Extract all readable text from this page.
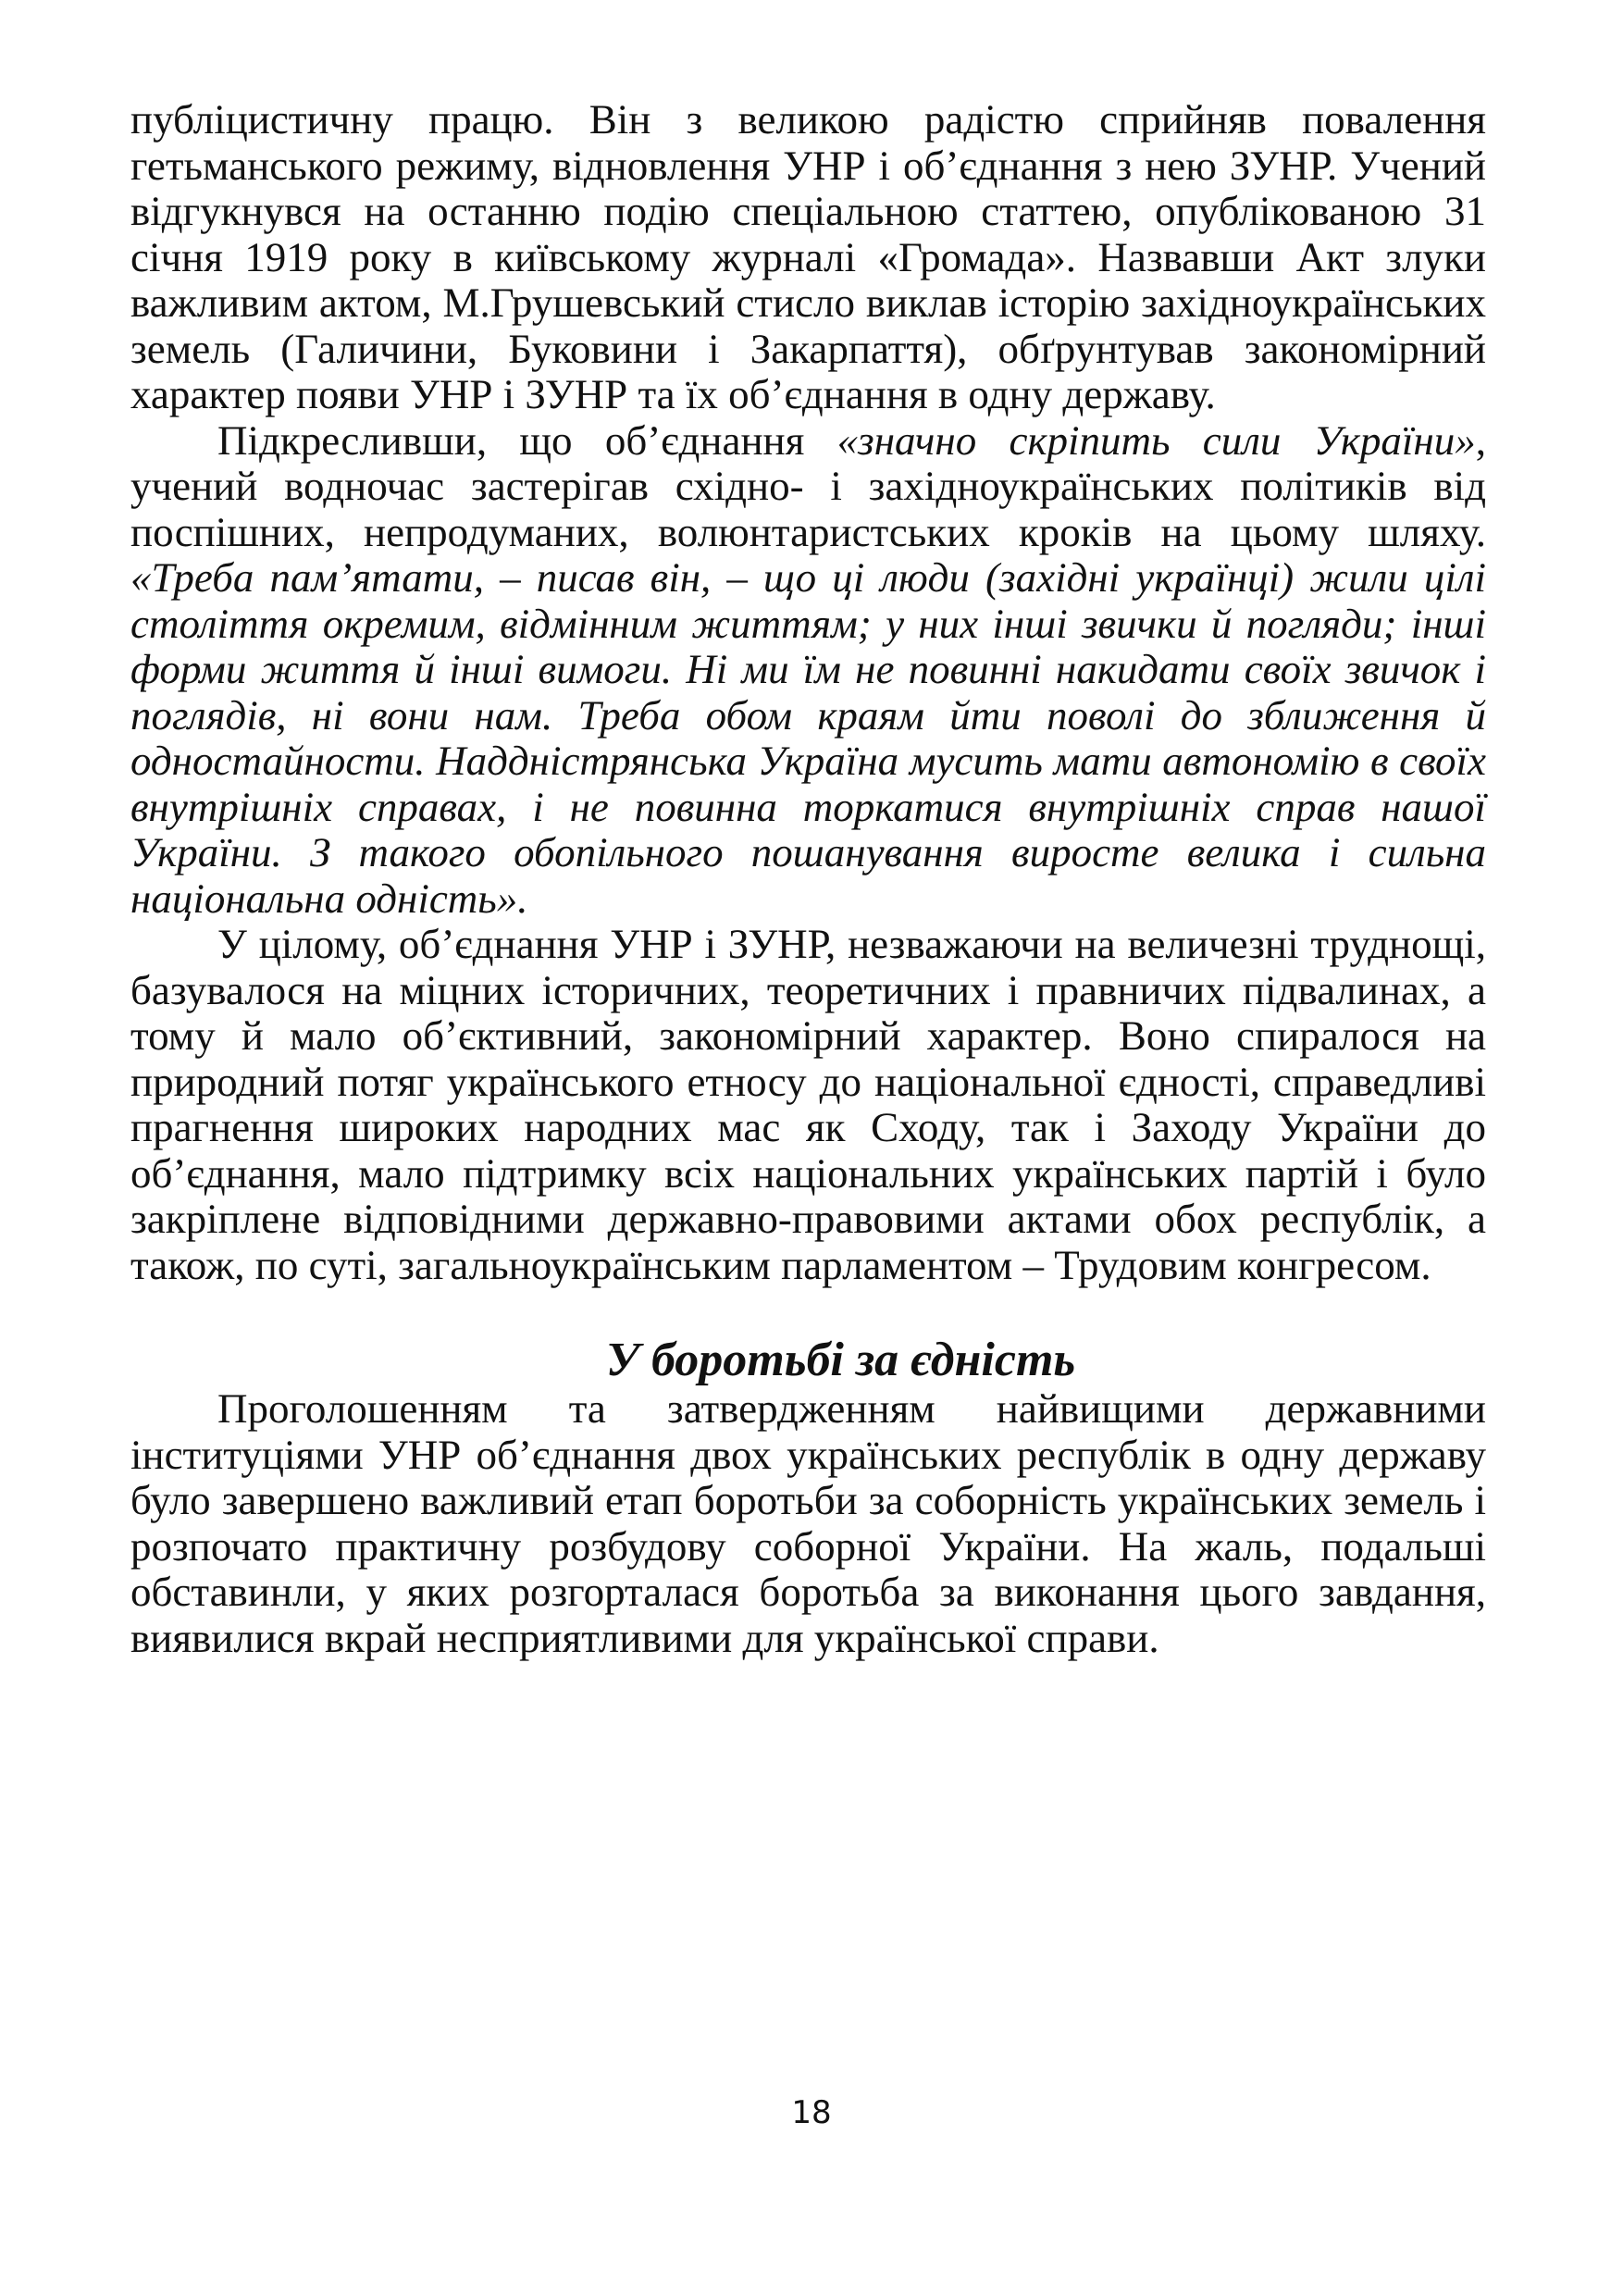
публіцистичну працю. Він з великою радістю сприйняв повалення гетьманського режиму, відновлення УНР і об’єднання з нею ЗУНР. Учений відгукнувся на останню подію спеціальною статтею, опублікованою 31 січня 1919 року в київському журналі «Громада». Назвавши Акт злуки важливим актом, М.Грушевський стисло виклав історію західноукраїнських земель (Галичини, Буковини і Закарпаття), обґрунтував закономірний характер появи УНР і ЗУНР та їх об’єднання в одну державу.

Підкресливши, що об’єднання «значно скріпить сили України», учений водночас застерігав східно- і західноукраїнських політиків від поспішних, непродуманих, волюнтаристських кроків на цьому шляху. «Треба пам’ятати, – писав він, – що ці люди (західні українці) жили цілі століття окремим, відмінним життям; у них інші звички й погляди; інші форми життя й інші вимоги. Ні ми їм не повинні накидати своїх звичок і поглядів, ні вони нам. Треба обом краям йти поволі до зближення й одностайности. Наддністрянська Україна мусить мати автономію в своїх внутрішніх справах, і не повинна торкатися внутрішніх справ нашої України. З такого обопільного пошанування виросте велика і сильна національна одність».

У цілому, об’єднання УНР і ЗУНР, незважаючи на величезні труднощі, базувалося на міцних історичних, теоретичних і правничих підвалинах, а тому й мало об’єктивний, закономірний характер. Воно спиралося на природний потяг українського етносу до національної єдності, справедливі прагнення широких народних мас як Сходу, так і Заходу України до об’єднання, мало підтримку всіх національних українських партій і було закріплене відповідними державно-правовими актами обох республік, а також, по суті, загальноукраїнським парламентом – Трудовим конгресом.

У боротьбі за єдність

Проголошенням та затвердженням найвищими державними інституціями УНР об’єднання двох українських республік в одну державу було завершено важливий етап боротьби за соборність українських земель і розпочато практичну розбудову соборної України. На жаль, подальші обставинли, у яких розгорталася боротьба за виконання цього завдання, виявилися вкрай несприятливими для української справи.

18
